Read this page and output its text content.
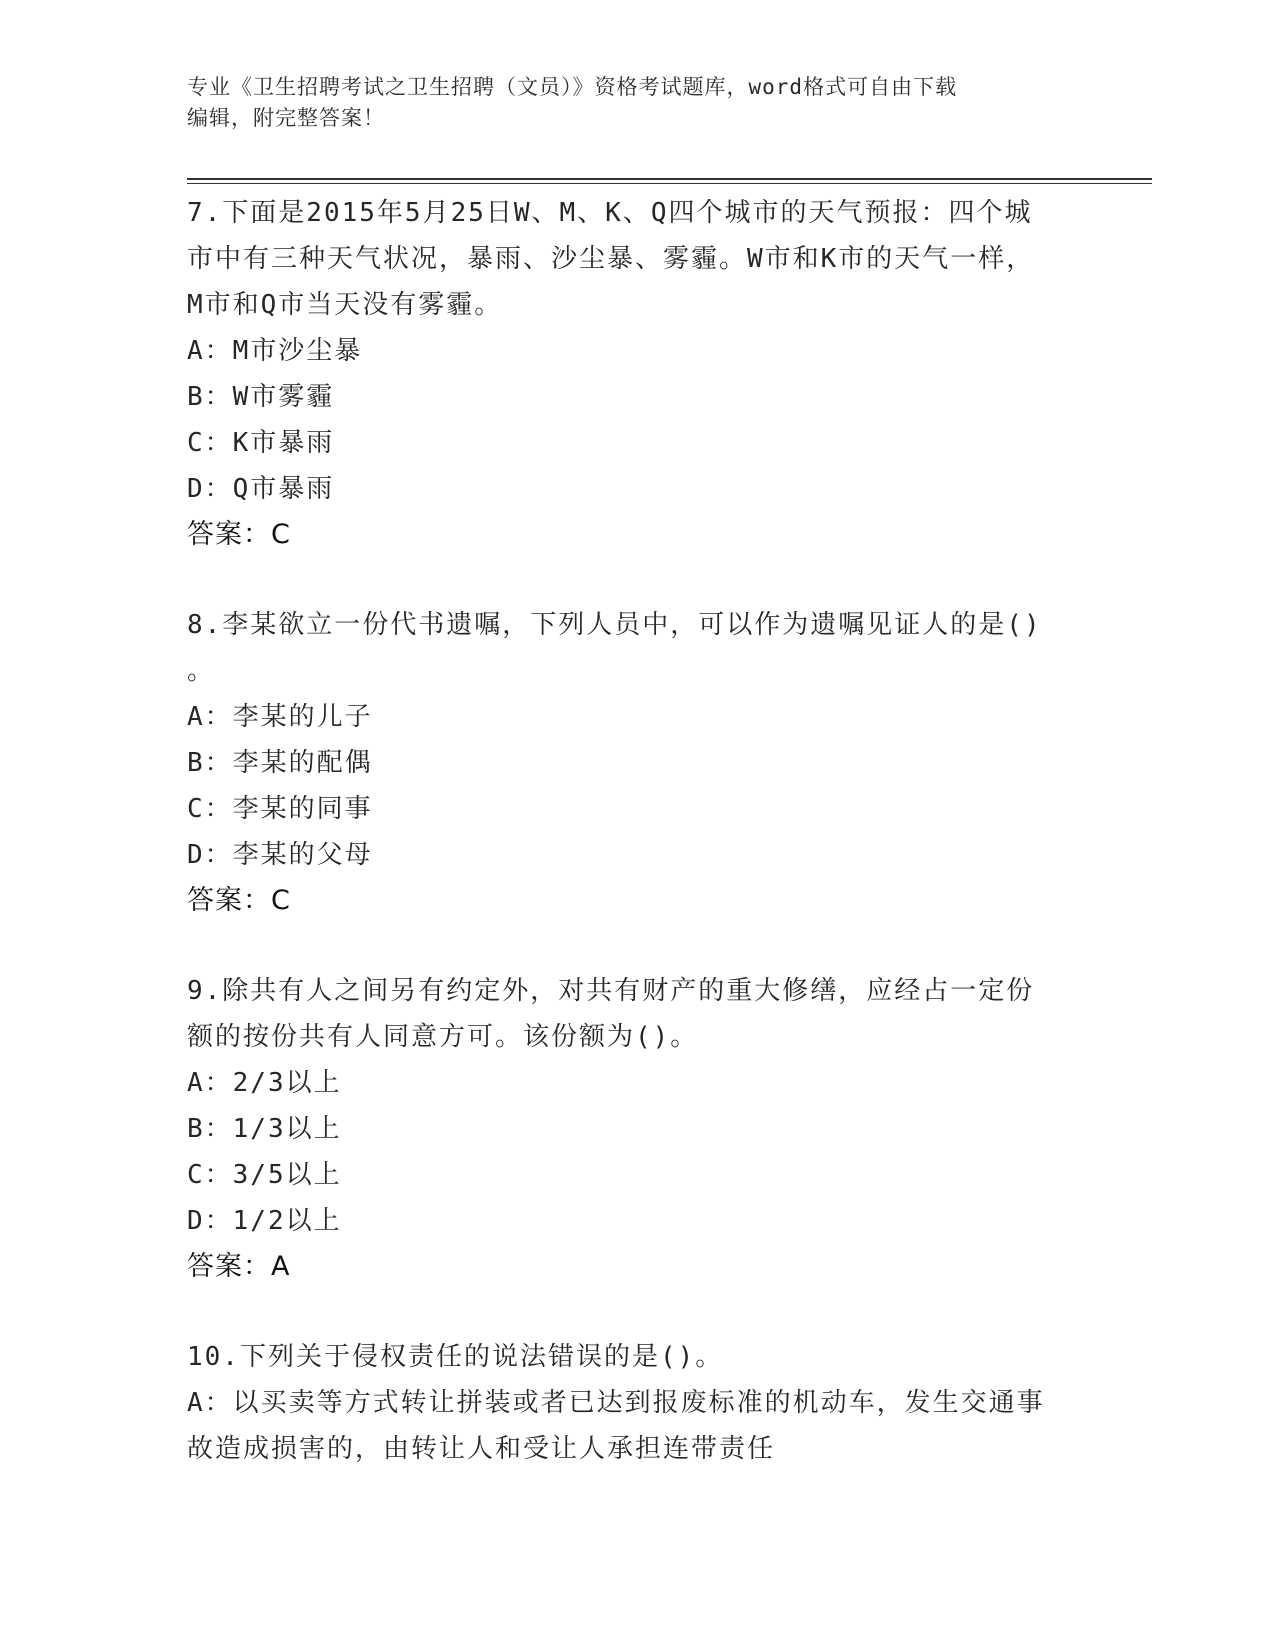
专业《卫生招聘考试之卫生招聘（文员）》资格考试题库，word格式可自由下载
编辑，附完整答案！
7.下面是2015年5月25日W、M、K、Q四个城市的天气预报：四个城
市中有三种天气状况，暴雨、沙尘暴、雾霾。W市和K市的天气一样，
M市和Q市当天没有雾霾。
A：M市沙尘暴
B：W市雾霾
C：K市暴雨
D：Q市暴雨
答案：C
8.李某欲立一份代书遗嘱，下列人员中，可以作为遗嘱见证人的是()
。
A：李某的儿子
B：李某的配偶
C：李某的同事
D：李某的父母
答案：C
9.除共有人之间另有约定外，对共有财产的重大修缮，应经占一定份
额的按份共有人同意方可。该份额为()。
A：2/3以上
B：1/3以上
C：3/5以上
D：1/2以上
答案：A
10.下列关于侵权责任的说法错误的是()。
A：以买卖等方式转让拼装或者已达到报废标准的机动车，发生交通事
故造成损害的，由转让人和受让人承担连带责任
